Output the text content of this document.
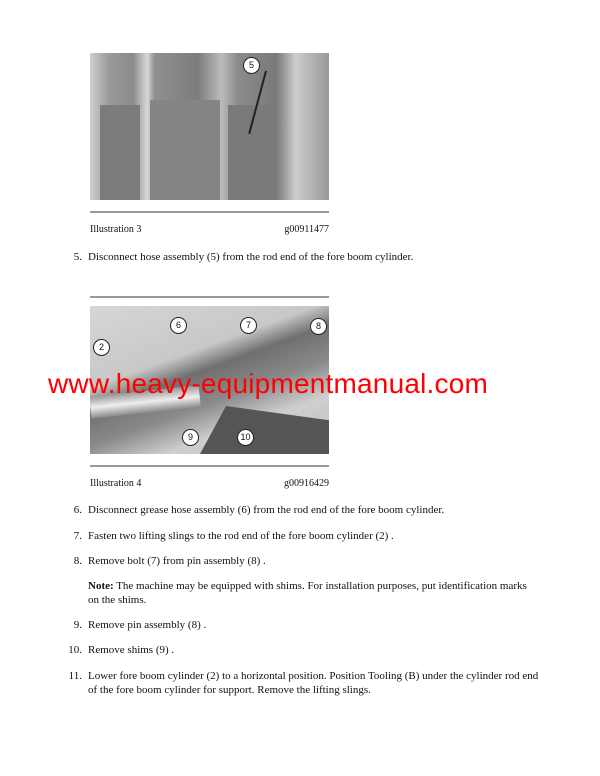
5
Illustration 3	g00911477
5. Disconnect hose assembly (5) from the rod end of the fore boom cylinder.
6	7	8
2
9	10
Illustration 4	g00916429
6. Disconnect grease hose assembly (6) from the rod end of the fore boom cylinder.
7. Fasten two lifting slings to the rod end of the fore boom cylinder (2) .
8. Remove bolt (7) from pin assembly (8) .
Note: The machine may be equipped with shims. For installation purposes, put identification marks on the shims.
9. Remove pin assembly (8) .
10. Remove shims (9) .
11. Lower fore boom cylinder (2) to a horizontal position. Position Tooling (B) under the cylinder rod end of the fore boom cylinder for support. Remove the lifting slings.
www.heavy-equipmentmanual.com
